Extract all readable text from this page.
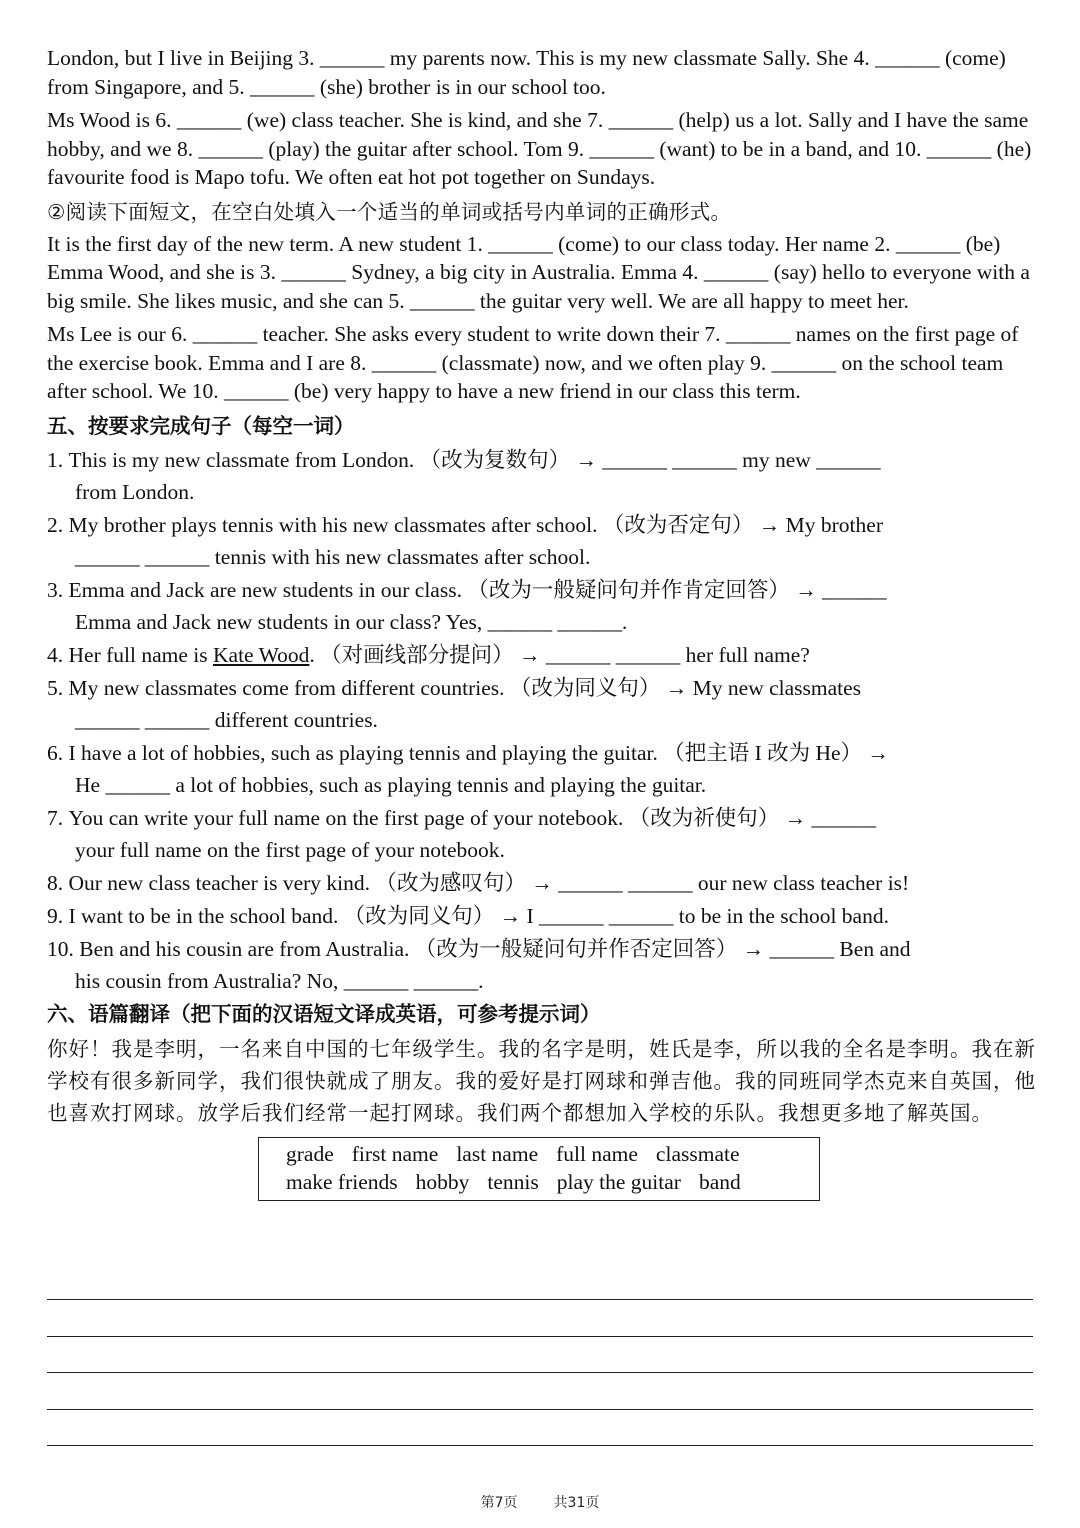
London, but I live in Beijing 3. ______ my parents now. This is my new classmate Sally. She 4. ______ (come) from Singapore, and 5. ______ (she) brother is in our school too.

Ms Wood is 6. ______ (we) class teacher. She is kind, and she 7. ______ (help) us a lot. Sally and I have the same hobby, and we 8. ______ (play) the guitar after school. Tom 9. ______ (want) to be in a band, and 10. ______ (he) favourite food is Mapo tofu. We often eat hot pot together on Sundays.

②阅读下面短文，在空白处填入一个适当的单词或括号内单词的正确形式。

It is the first day of the new term. A new student 1. ______ (come) to our class today. Her name 2. ______ (be) Emma Wood, and she is 3. ______ Sydney, a big city in Australia. Emma 4. ______ (say) hello to everyone with a big smile. She likes music, and she can 5. ______ the guitar very well. We are all happy to meet her.

Ms Lee is our 6. ______ teacher. She asks every student to write down their 7. ______ names on the first page of the exercise book. Emma and I are 8. ______ (classmate) now, and we often play 9. ______ on the school team after school. We 10. ______ (be) very happy to have a new friend in our class this term.

五、按要求完成句子（每空一词）
1. This is my new classmate from London. （改为复数句） → ______ ______ my new ______
from London.
2. My brother plays tennis with his new classmates after school. （改为否定句） → My brother
______ ______ tennis with his new classmates after school.
3. Emma and Jack are new students in our class. （改为一般疑问句并作肯定回答） → ______
Emma and Jack new students in our class? Yes, ______ ______.
4. Her full name is Kate Wood. （对画线部分提问） → ______ ______ her full name?
5. My new classmates come from different countries. （改为同义句） → My new classmates
______ ______ different countries.
6. I have a lot of hobbies, such as playing tennis and playing the guitar. （把主语 I 改为 He） →
He ______ a lot of hobbies, such as playing tennis and playing the guitar.
7. You can write your full name on the first page of your notebook. （改为祈使句） → ______
your full name on the first page of your notebook.
8. Our new class teacher is very kind. （改为感叹句） → ______ ______ our new class teacher is!
9. I want to be in the school band. （改为同义句） → I ______ ______ to be in the school band.
10. Ben and his cousin are from Australia. （改为一般疑问句并作否定回答） → ______ Ben and
his cousin from Australia? No, ______ ______.
六、语篇翻译（把下面的汉语短文译成英语，可参考提示词）

你好！我是李明，一名来自中国的七年级学生。我的名字是明，姓氏是李，所以我的全名是李明。我在新学校有很多新同学，我们很快就成了朋友。我的爱好是打网球和弹吉他。我的同班同学杰克来自英国，他也喜欢打网球。放学后我们经常一起打网球。我们两个都想加入学校的乐队。我想更多地了解英国。

grade first name last name full name classmate
make friends hobby tennis play the guitar band
第7页	共31页
